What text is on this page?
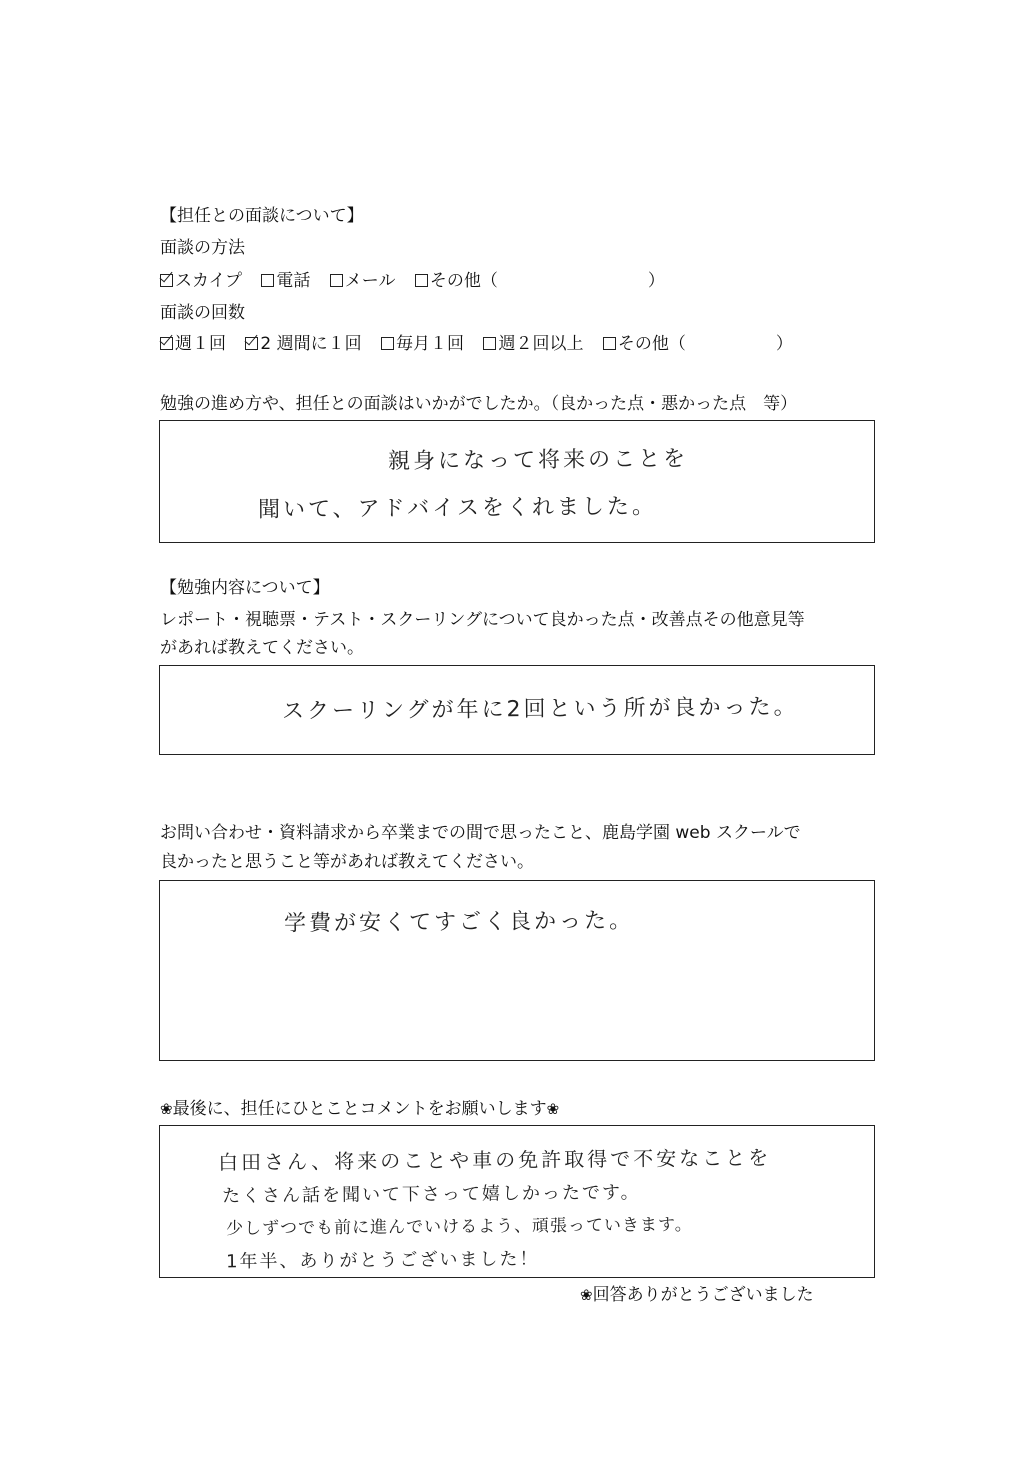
【担任との面談について】
面談の方法
スカイプ 電話 メール その他（	）
面談の回数
週１回 2 週間に１回 毎月１回 週２回以上 その他（	）
勉強の進め方や、担任との面談はいかがでしたか。（良かった点・悪かった点　等）
親身になって将来のことを
聞いて、アドバイスをくれました。
【勉強内容について】
レポート・視聴票・テスト・スクーリングについて良かった点・改善点その他意見等
があれば教えてください。
スクーリングが年に2回という所が良かった。
お問い合わせ・資料請求から卒業までの間で思ったこと、鹿島学園 web スクールで
良かったと思うこと等があれば教えてください。
学費が安くてすごく良かった。
❀最後に、担任にひとことコメントをお願いします❀
白田さん、将来のことや車の免許取得で不安なことを
たくさん話を聞いて下さって嬉しかったです。
少しずつでも前に進んでいけるよう、頑張っていきます。
1年半、ありがとうございました！
❀回答ありがとうございました
